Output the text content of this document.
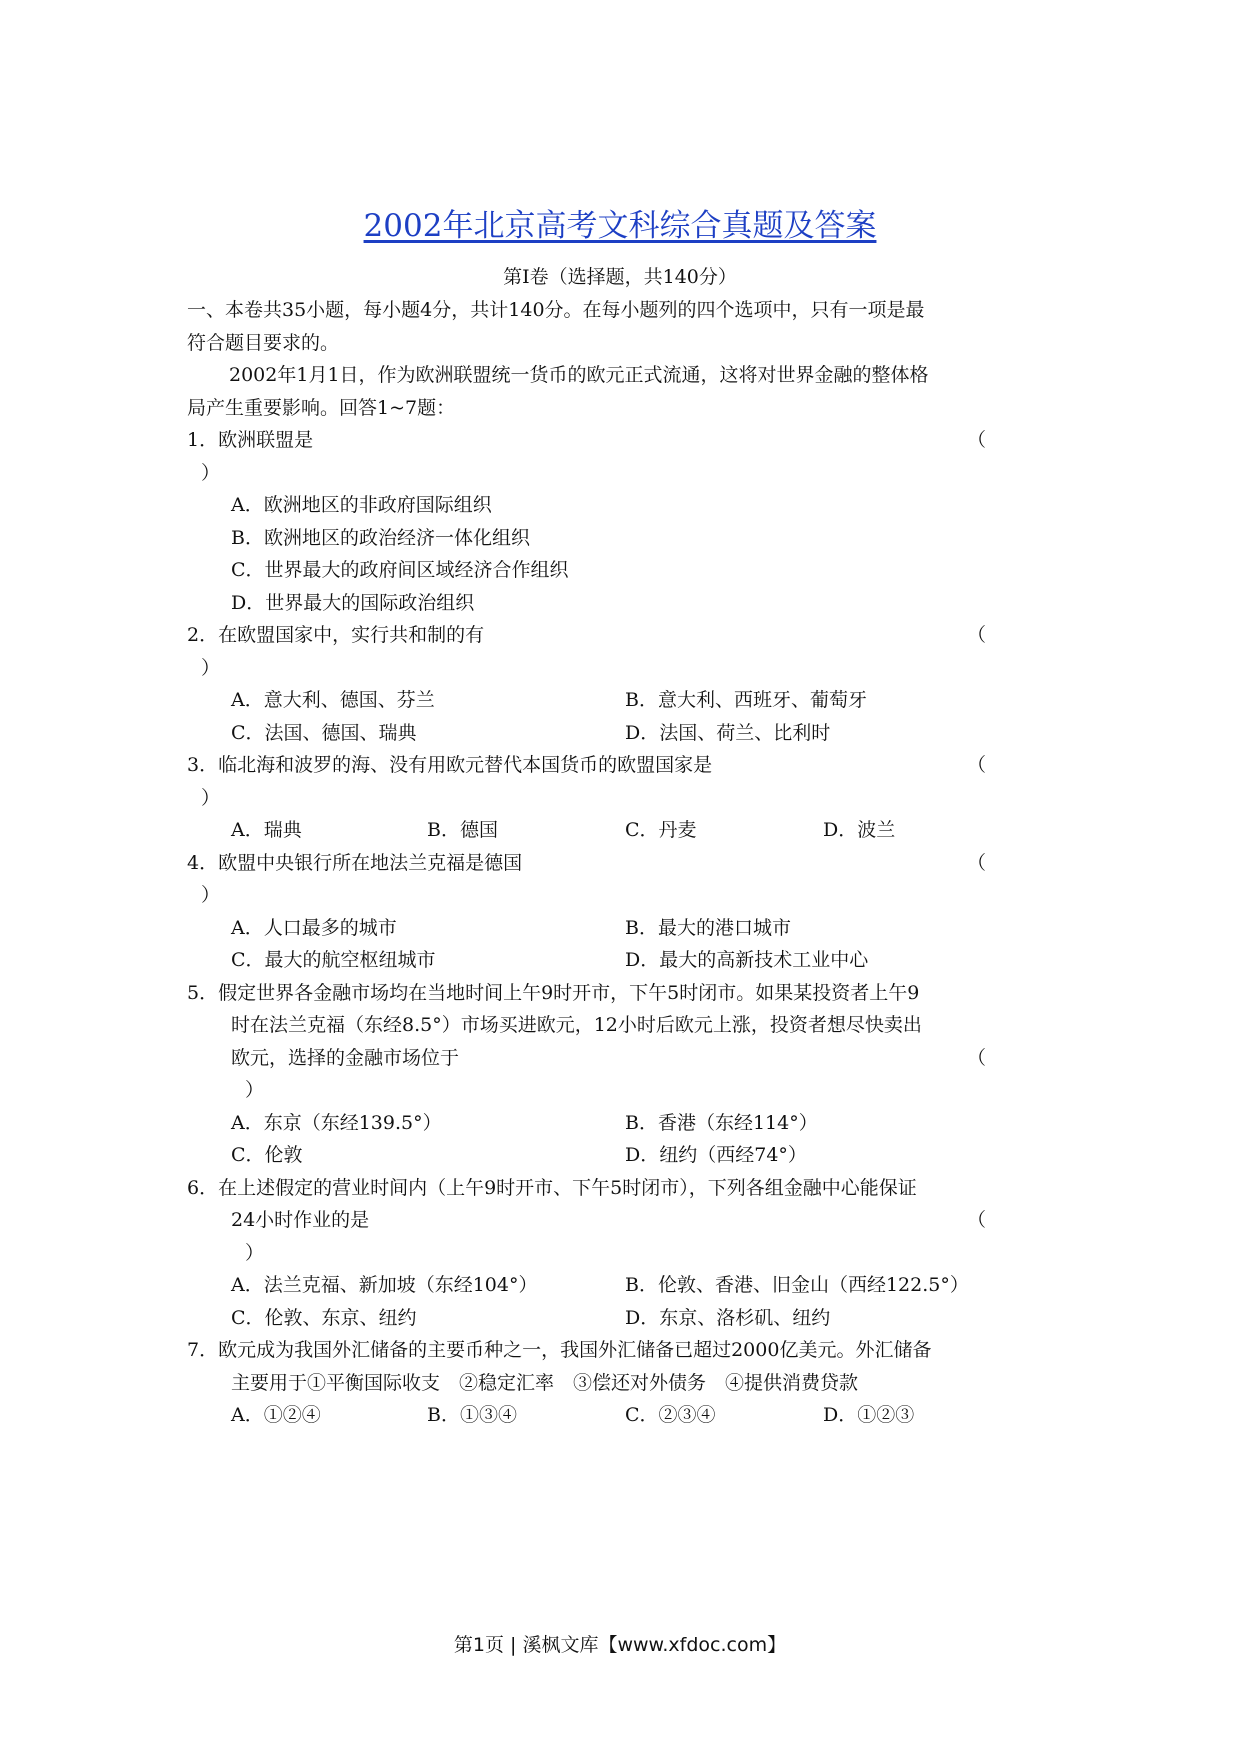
2002年北京高考文科综合真题及答案
第Ⅰ卷（选择题，共140分）
一、本卷共35小题，每小题4分，共计140分。在每小题列的四个选项中，只有一项是最
符合题目要求的。
2002年1月1日，作为欧洲联盟统一货币的欧元正式流通，这将对世界金融的整体格
局产生重要影响。回答1~7题：
1．欧洲联盟是	（
）
A．欧洲地区的非政府国际组织
B．欧洲地区的政治经济一体化组织
C．世界最大的政府间区域经济合作组织
D．世界最大的国际政治组织
2．在欧盟国家中，实行共和制的有	（
）
A．意大利、德国、芬兰	B．意大利、西班牙、葡萄牙
C．法国、德国、瑞典	D．法国、荷兰、比利时
3．临北海和波罗的海、没有用欧元替代本国货币的欧盟国家是	（
）
A．瑞典	B．德国	C．丹麦	D．波兰
4．欧盟中央银行所在地法兰克福是德国	（
）
A．人口最多的城市	B．最大的港口城市
C．最大的航空枢纽城市	D．最大的高新技术工业中心
5．假定世界各金融市场均在当地时间上午9时开市，下午5时闭市。如果某投资者上午9
时在法兰克福（东经8.5°）市场买进欧元，12小时后欧元上涨，投资者想尽快卖出
欧元，选择的金融市场位于	（
）
A．东京（东经139.5°）	B．香港（东经114°）
C．伦敦	D．纽约（西经74°）
6．在上述假定的营业时间内（上午9时开市、下午5时闭市），下列各组金融中心能保证
24小时作业的是	（
）
A．法兰克福、新加坡（东经104°）	B．伦敦、香港、旧金山（西经122.5°）
C．伦敦、东京、纽约	D．东京、洛杉矶、纽约
7．欧元成为我国外汇储备的主要币种之一，我国外汇储备已超过2000亿美元。外汇储备
主要用于①平衡国际收支　②稳定汇率　③偿还对外债务　④提供消费贷款
A．①②④	B．①③④	C．②③④	D．①②③
第1页 | 溪枫文库【www.xfdoc.com】
